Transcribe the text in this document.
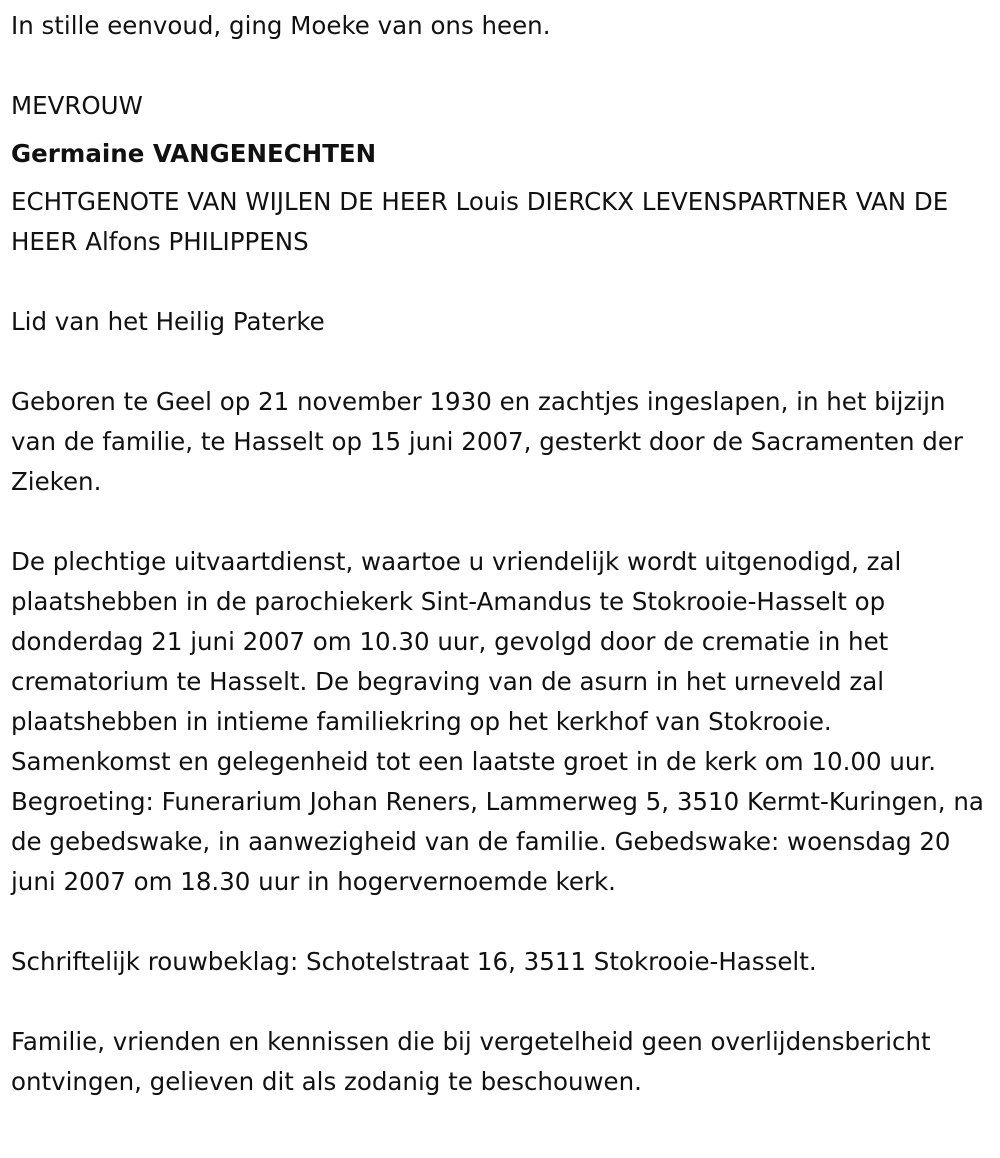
In stille eenvoud, ging Moeke van ons heen.

MEVROUW

Germaine VANGENECHTEN

ECHTGENOTE VAN WIJLEN DE HEER Louis DIERCKX LEVENSPARTNER VAN DE HEER Alfons PHILIPPENS

Lid van het Heilig Paterke

Geboren te Geel op 21 november 1930 en zachtjes ingeslapen, in het bijzijn van de familie, te Hasselt op 15 juni 2007, gesterkt door de Sacramenten der Zieken.

De plechtige uitvaartdienst, waartoe u vriendelijk wordt uitgenodigd, zal plaatshebben in de parochiekerk Sint-Amandus te Stokrooie-Hasselt op donderdag 21 juni 2007 om 10.30 uur, gevolgd door de crematie in het crematorium te Hasselt. De begraving van de asurn in het urneveld zal plaatshebben in intieme familiekring op het kerkhof van Stokrooie. Samenkomst en gelegenheid tot een laatste groet in de kerk om 10.00 uur. Begroeting: Funerarium Johan Reners, Lammerweg 5, 3510 Kermt-Kuringen, na de gebedswake, in aanwezigheid van de familie. Gebedswake: woensdag 20 juni 2007 om 18.30 uur in hogervernoemde kerk.

Schriftelijk rouwbeklag: Schotelstraat 16, 3511 Stokrooie-Hasselt.

Familie, vrienden en kennissen die bij vergetelheid geen overlijdensbericht ontvingen, gelieven dit als zodanig te beschouwen.
